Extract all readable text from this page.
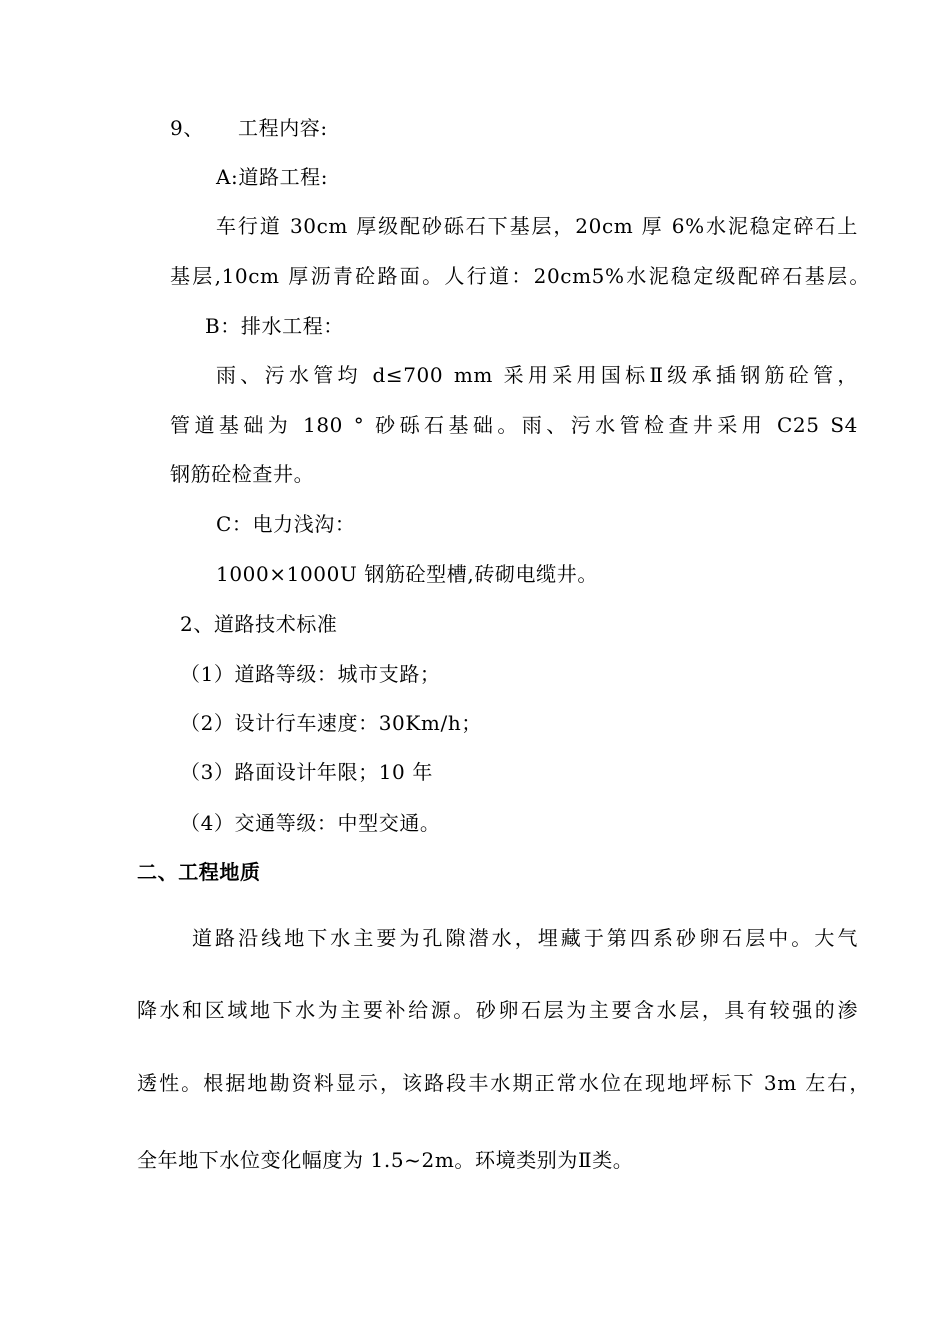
9、 工程内容:

A:道路工程:

车行道 30cm 厚级配砂砾石下基层，20cm 厚 6%水泥稳定碎石上

基层,10cm 厚沥青砼路面。人行道：20cm5%水泥稳定级配碎石基层。

B：排水工程：

雨、污水管均 d≤700 mm 采用采用国标Ⅱ级承插钢筋砼管，

管道基础为 180 ° 砂砾石基础。雨、污水管检查井采用 C25 S4

钢筋砼检查井。

C：电力浅沟：

1000×1000U 钢筋砼型槽,砖砌电缆井。

2、道路技术标准

（1）道路等级：城市支路；

（2）设计行车速度：30Km/h；

（3）路面设计年限；10 年

（4）交通等级：中型交通。

二、工程地质

道路沿线地下水主要为孔隙潜水，埋藏于第四系砂卵石层中。大气

降水和区域地下水为主要补给源。砂卵石层为主要含水层，具有较强的渗

透性。根据地勘资料显示，该路段丰水期正常水位在现地坪标下 3m 左右，

全年地下水位变化幅度为 1.5~2m。环境类别为Ⅱ类。
